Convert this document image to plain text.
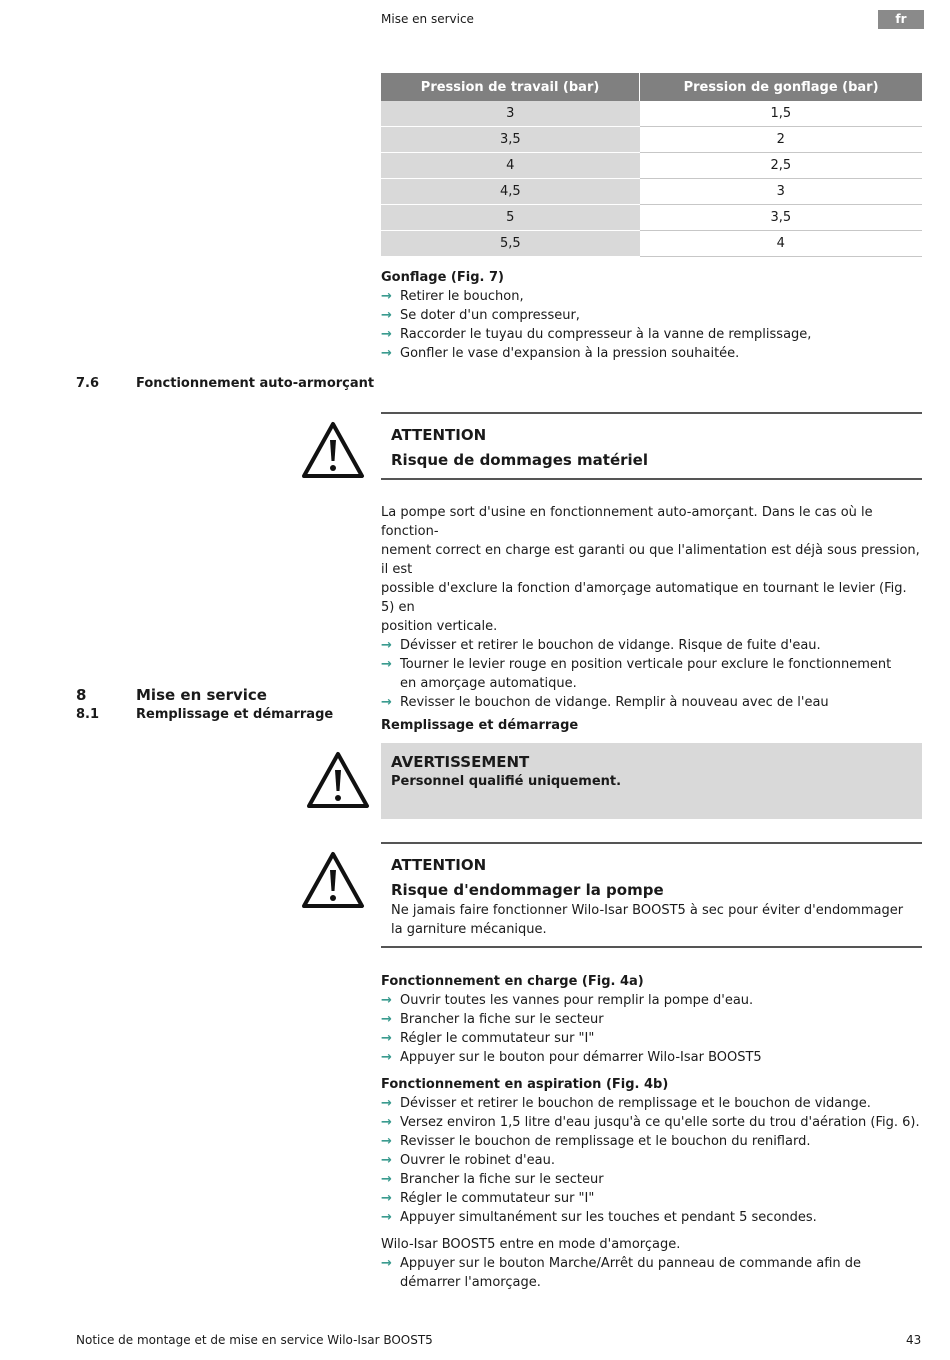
Mise en service	fr
Pression de travail (bar)	Pression de gonflage (bar)
3	1,5
3,5	2
4	2,5
4,5	3
5	3,5
5,5	4
Gonflage (Fig. 7)
→ Retirer le bouchon,
→ Se doter d'un compresseur,
→ Raccorder le tuyau du compresseur à la vanne de remplissage,
→ Gonfler le vase d'expansion à la pression souhaitée.
7.6	Fonctionnement auto-armorçant
ATTENTION
Risque de dommages matériel
La pompe sort d'usine en fonctionnement auto-amorçant. Dans le cas où le fonction-
nement correct en charge est garanti ou que l'alimentation est déjà sous pression, il est
possible d'exclure la fonction d'amorçage automatique en tournant le levier (Fig. 5) en
position verticale.
→ Dévisser et retirer le bouchon de vidange. Risque de fuite d'eau.
→ Tourner le levier rouge en position verticale pour exclure le fonctionnement en amorçage automatique.
→ Revisser le bouchon de vidange. Remplir à nouveau avec de l'eau
8	Mise en service
8.1	Remplissage et démarrage
Remplissage et démarrage
AVERTISSEMENT
Personnel qualifié uniquement.
ATTENTION
Risque d'endommager la pompe
Ne jamais faire fonctionner Wilo-Isar BOOST5 à sec pour éviter d'endommager la garniture mécanique.
Fonctionnement en charge (Fig. 4a)
→ Ouvrir toutes les vannes pour remplir la pompe d'eau.
→ Brancher la fiche sur le secteur
→ Régler le commutateur sur "I"
→ Appuyer sur le bouton pour démarrer Wilo-Isar BOOST5
Fonctionnement en aspiration (Fig. 4b)
→ Dévisser et retirer le bouchon de remplissage et le bouchon de vidange.
→ Versez environ 1,5 litre d'eau jusqu'à ce qu'elle sorte du trou d'aération (Fig. 6).
→ Revisser le bouchon de remplissage et le bouchon du reniflard.
→ Ouvrer le robinet d'eau.
→ Brancher la fiche sur le secteur
→ Régler le commutateur sur "I"
→ Appuyer simultanément sur les touches et pendant 5 secondes.
Wilo-Isar BOOST5 entre en mode d'amorçage.
→ Appuyer sur le bouton Marche/Arrêt du panneau de commande afin de démarrer l'amorçage.
Notice de montage et de mise en service Wilo-Isar BOOST5	43
